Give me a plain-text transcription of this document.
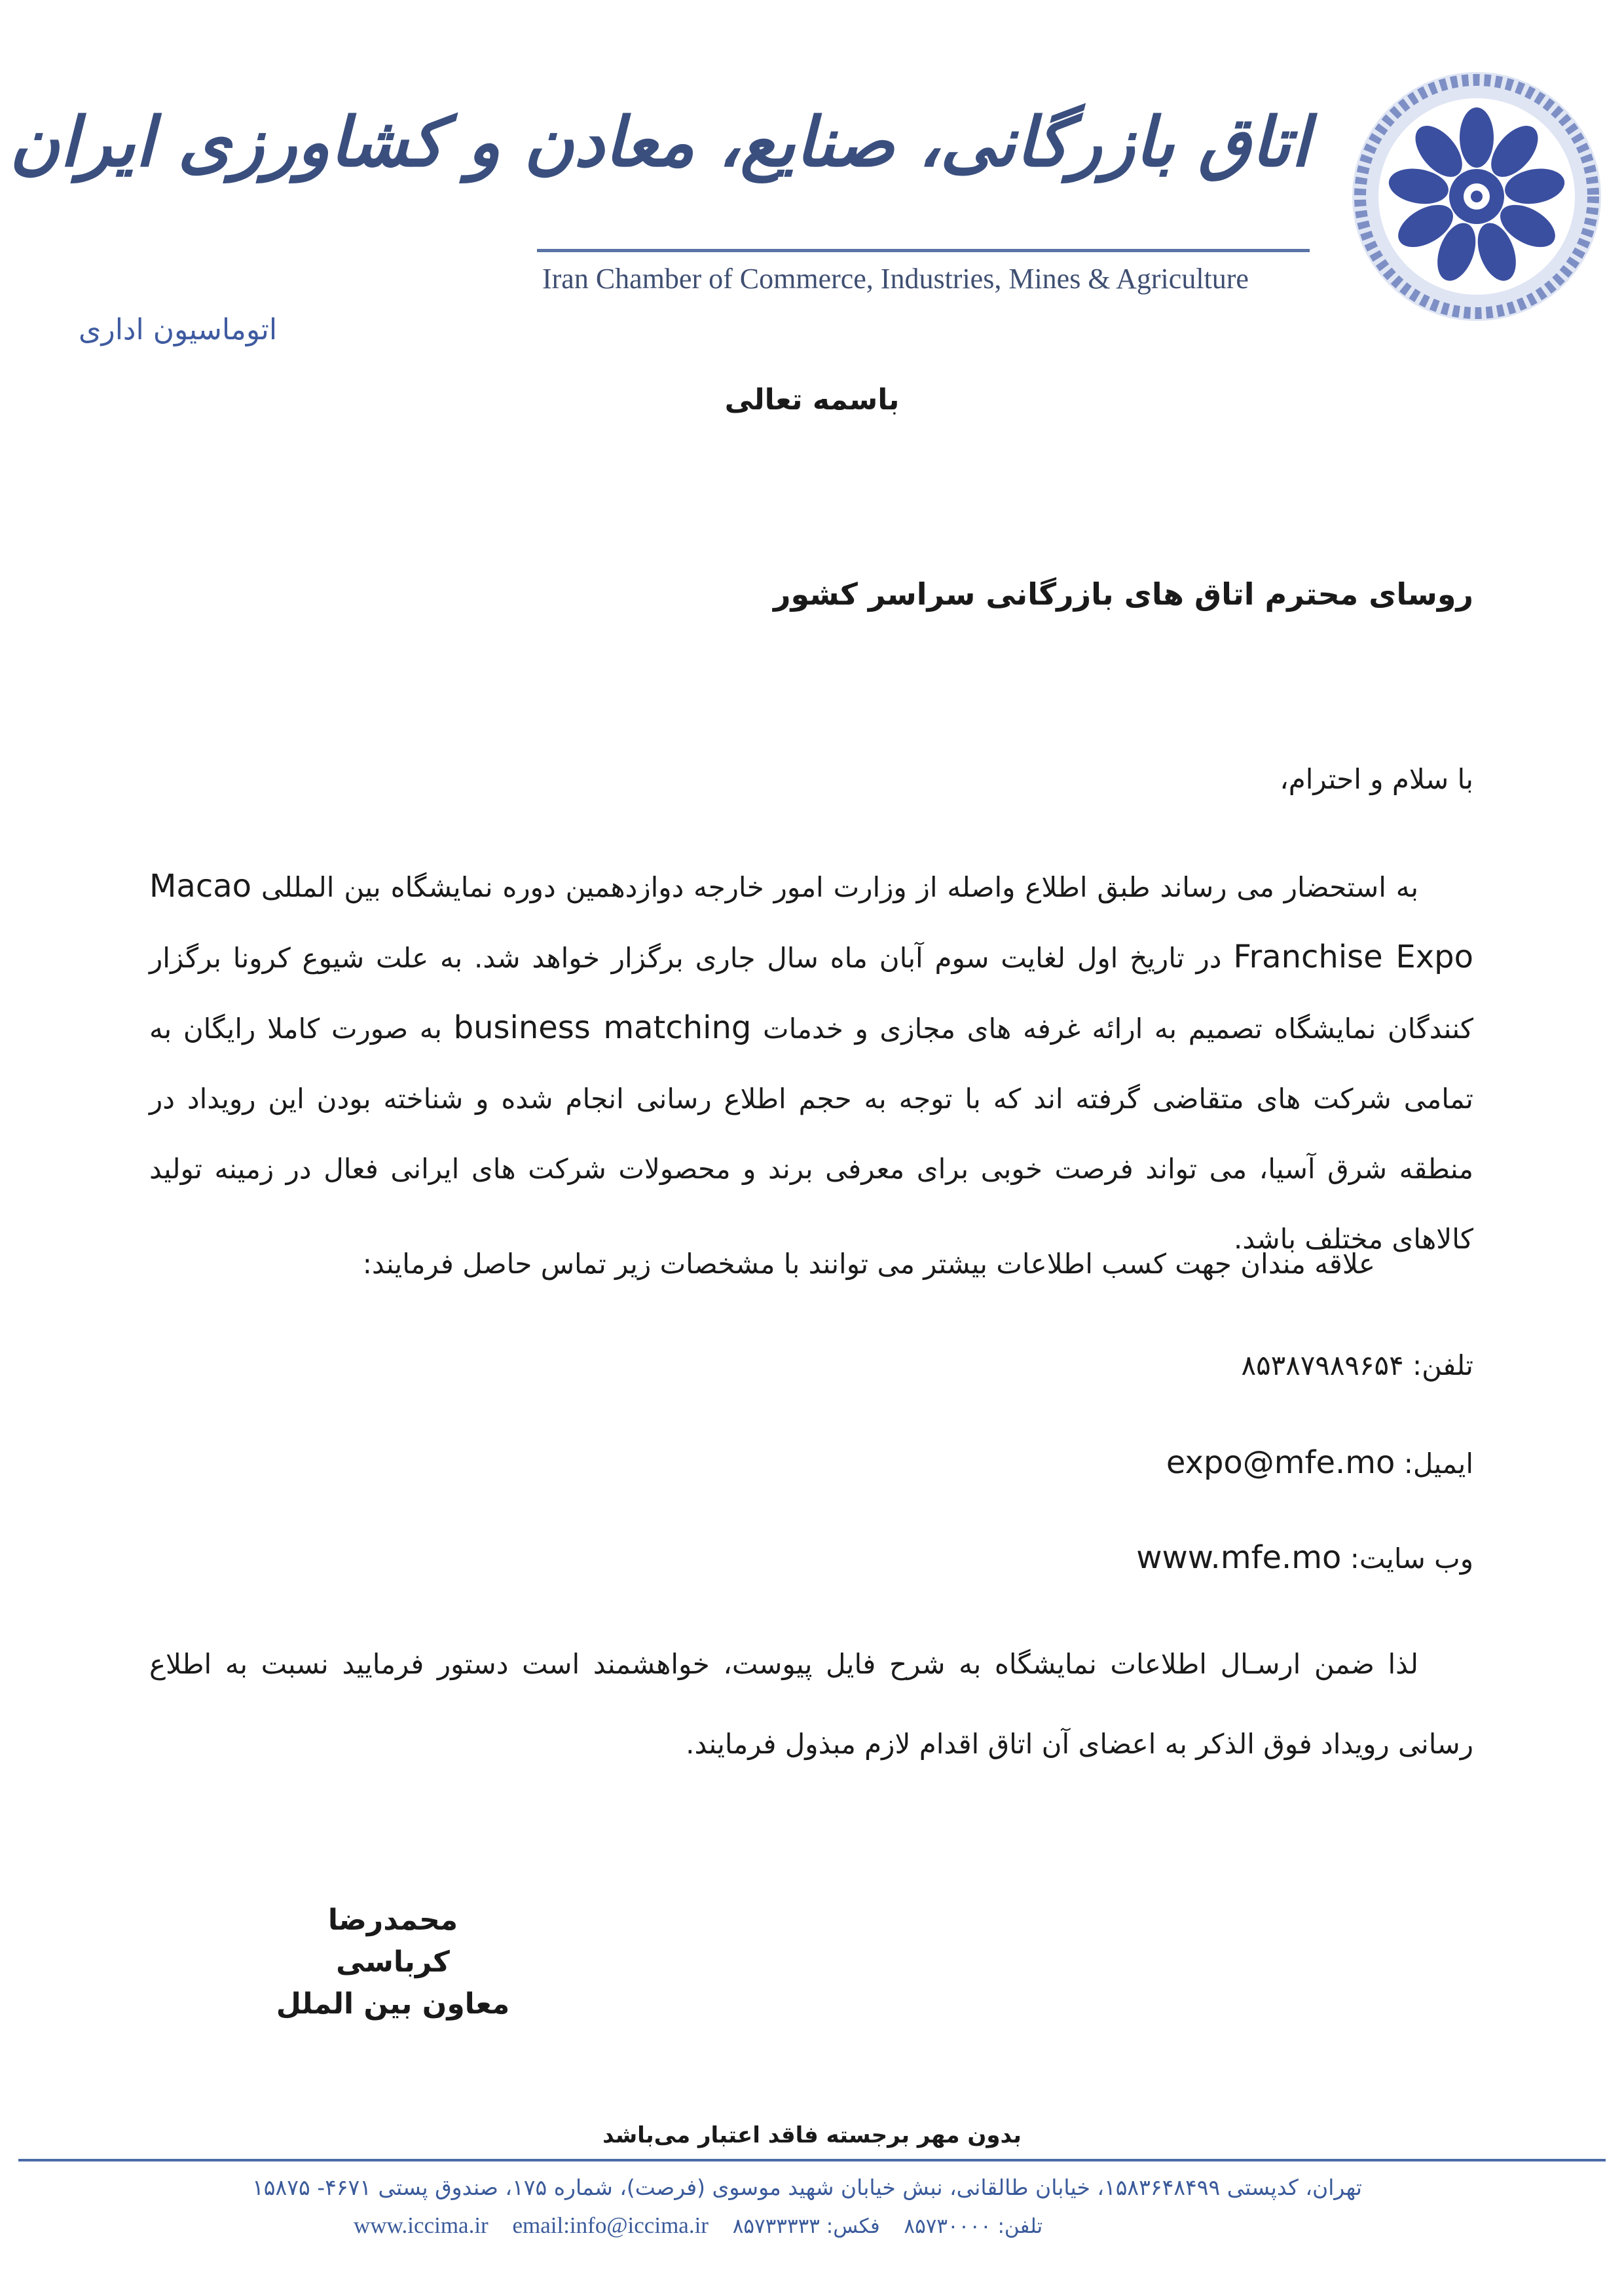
اتاق بازرگانی، صنایع، معادن و کشاورزی ایران
Iran Chamber of Commerce, Industries, Mines & Agriculture
اتوماسیون اداری
باسمه تعالی
روسای محترم اتاق های بازرگانی سراسر کشور
با سلام و احترام،
  به استحضار می رساند طبق اطلاع واصله از وزارت امور خارجه دوازدهمین دوره نمایشگاه بین المللی Macao Franchise Expo در تاریخ اول لغایت سوم آبان ماه سال جاری برگزار خواهد شد. به علت شیوع کرونا برگزار کنندگان نمایشگاه تصمیم به ارائه غرفه های مجازی و خدمات business matching به صورت کاملا رایگان به تمامی شرکت های متقاضی گرفته اند که با توجه به حجم اطلاع رسانی انجام شده و شناخته بودن این رویداد در منطقه شرق آسیا، می تواند فرصت خوبی برای معرفی برند و محصولات شرکت های ایرانی فعال در زمینه تولید کالاهای مختلف باشد.
علاقه مندان جهت کسب اطلاعات بیشتر می توانند با مشخصات زیر تماس حاصل فرمایند:
تلفن: ۸۵۳۸۷۹۸۹۶۵۴
ایمیل: expo@mfe.mo
وب سایت: www.mfe.mo
  لذا ضمن ارسـال اطلاعات نمایشگاه به شرح فایل پیوست، خواهشمند است دستور فرمایید نسبت به اطلاع رسانی رویداد فوق الذکر به اعضای آن اتاق اقدام لازم مبذول فرمایند.
محمدرضا کرباسی
معاون بین الملل
بدون مهر برجسته فاقد اعتبار می‌باشد
تهران، کدپستی ۱۵۸۳۶۴۸۴۹۹، خیابان طالقانی، نبش خیابان شهید موسوی (فرصت)، شماره ۱۷۵، صندوق پستی ۴۶۷۱- ۱۵۸۷۵
www.iccima.ir email:info@iccima.ir فکس: ۸۵۷۳۳۳۳۳ تلفن: ۸۵۷۳۰۰۰۰
